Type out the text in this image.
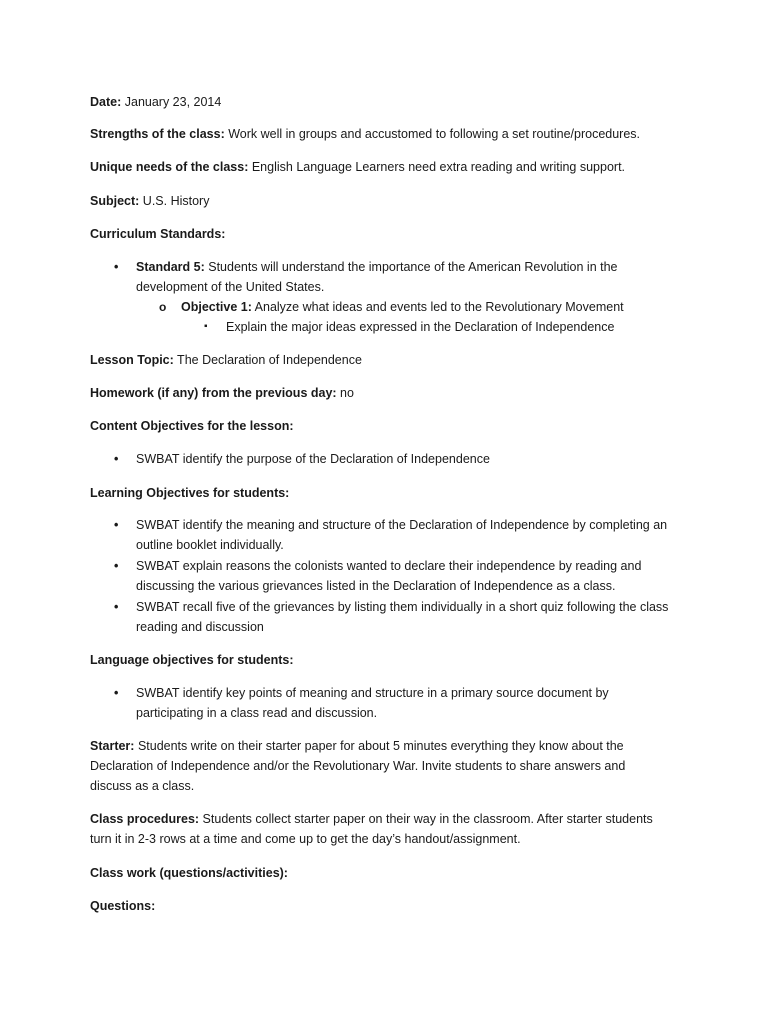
Date: January 23, 2014
Strengths of the class: Work well in groups and accustomed to following a set routine/procedures.
Unique needs of the class: English Language Learners need extra reading and writing support.
Subject: U.S. History
Curriculum Standards:
• Standard 5: Students will understand the importance of the American Revolution in the development of the United States.
o Objective 1: Analyze what ideas and events led to the Revolutionary Movement
▪ Explain the major ideas expressed in the Declaration of Independence
Lesson Topic: The Declaration of Independence
Homework (if any) from the previous day: no
Content Objectives for the lesson:
• SWBAT identify the purpose of the Declaration of Independence
Learning Objectives for students:
• SWBAT identify the meaning and structure of the Declaration of Independence by completing an outline booklet individually.
• SWBAT explain reasons the colonists wanted to declare their independence by reading and discussing the various grievances listed in the Declaration of Independence as a class.
• SWBAT recall five of the grievances by listing them individually in a short quiz following the class reading and discussion
Language objectives for students:
• SWBAT identify key points of meaning and structure in a primary source document by participating in a class read and discussion.
Starter: Students write on their starter paper for about 5 minutes everything they know about the Declaration of Independence and/or the Revolutionary War. Invite students to share answers and discuss as a class.
Class procedures: Students collect starter paper on their way in the classroom. After starter students turn it in 2-3 rows at a time and come up to get the day’s handout/assignment.
Class work (questions/activities):
Questions:
